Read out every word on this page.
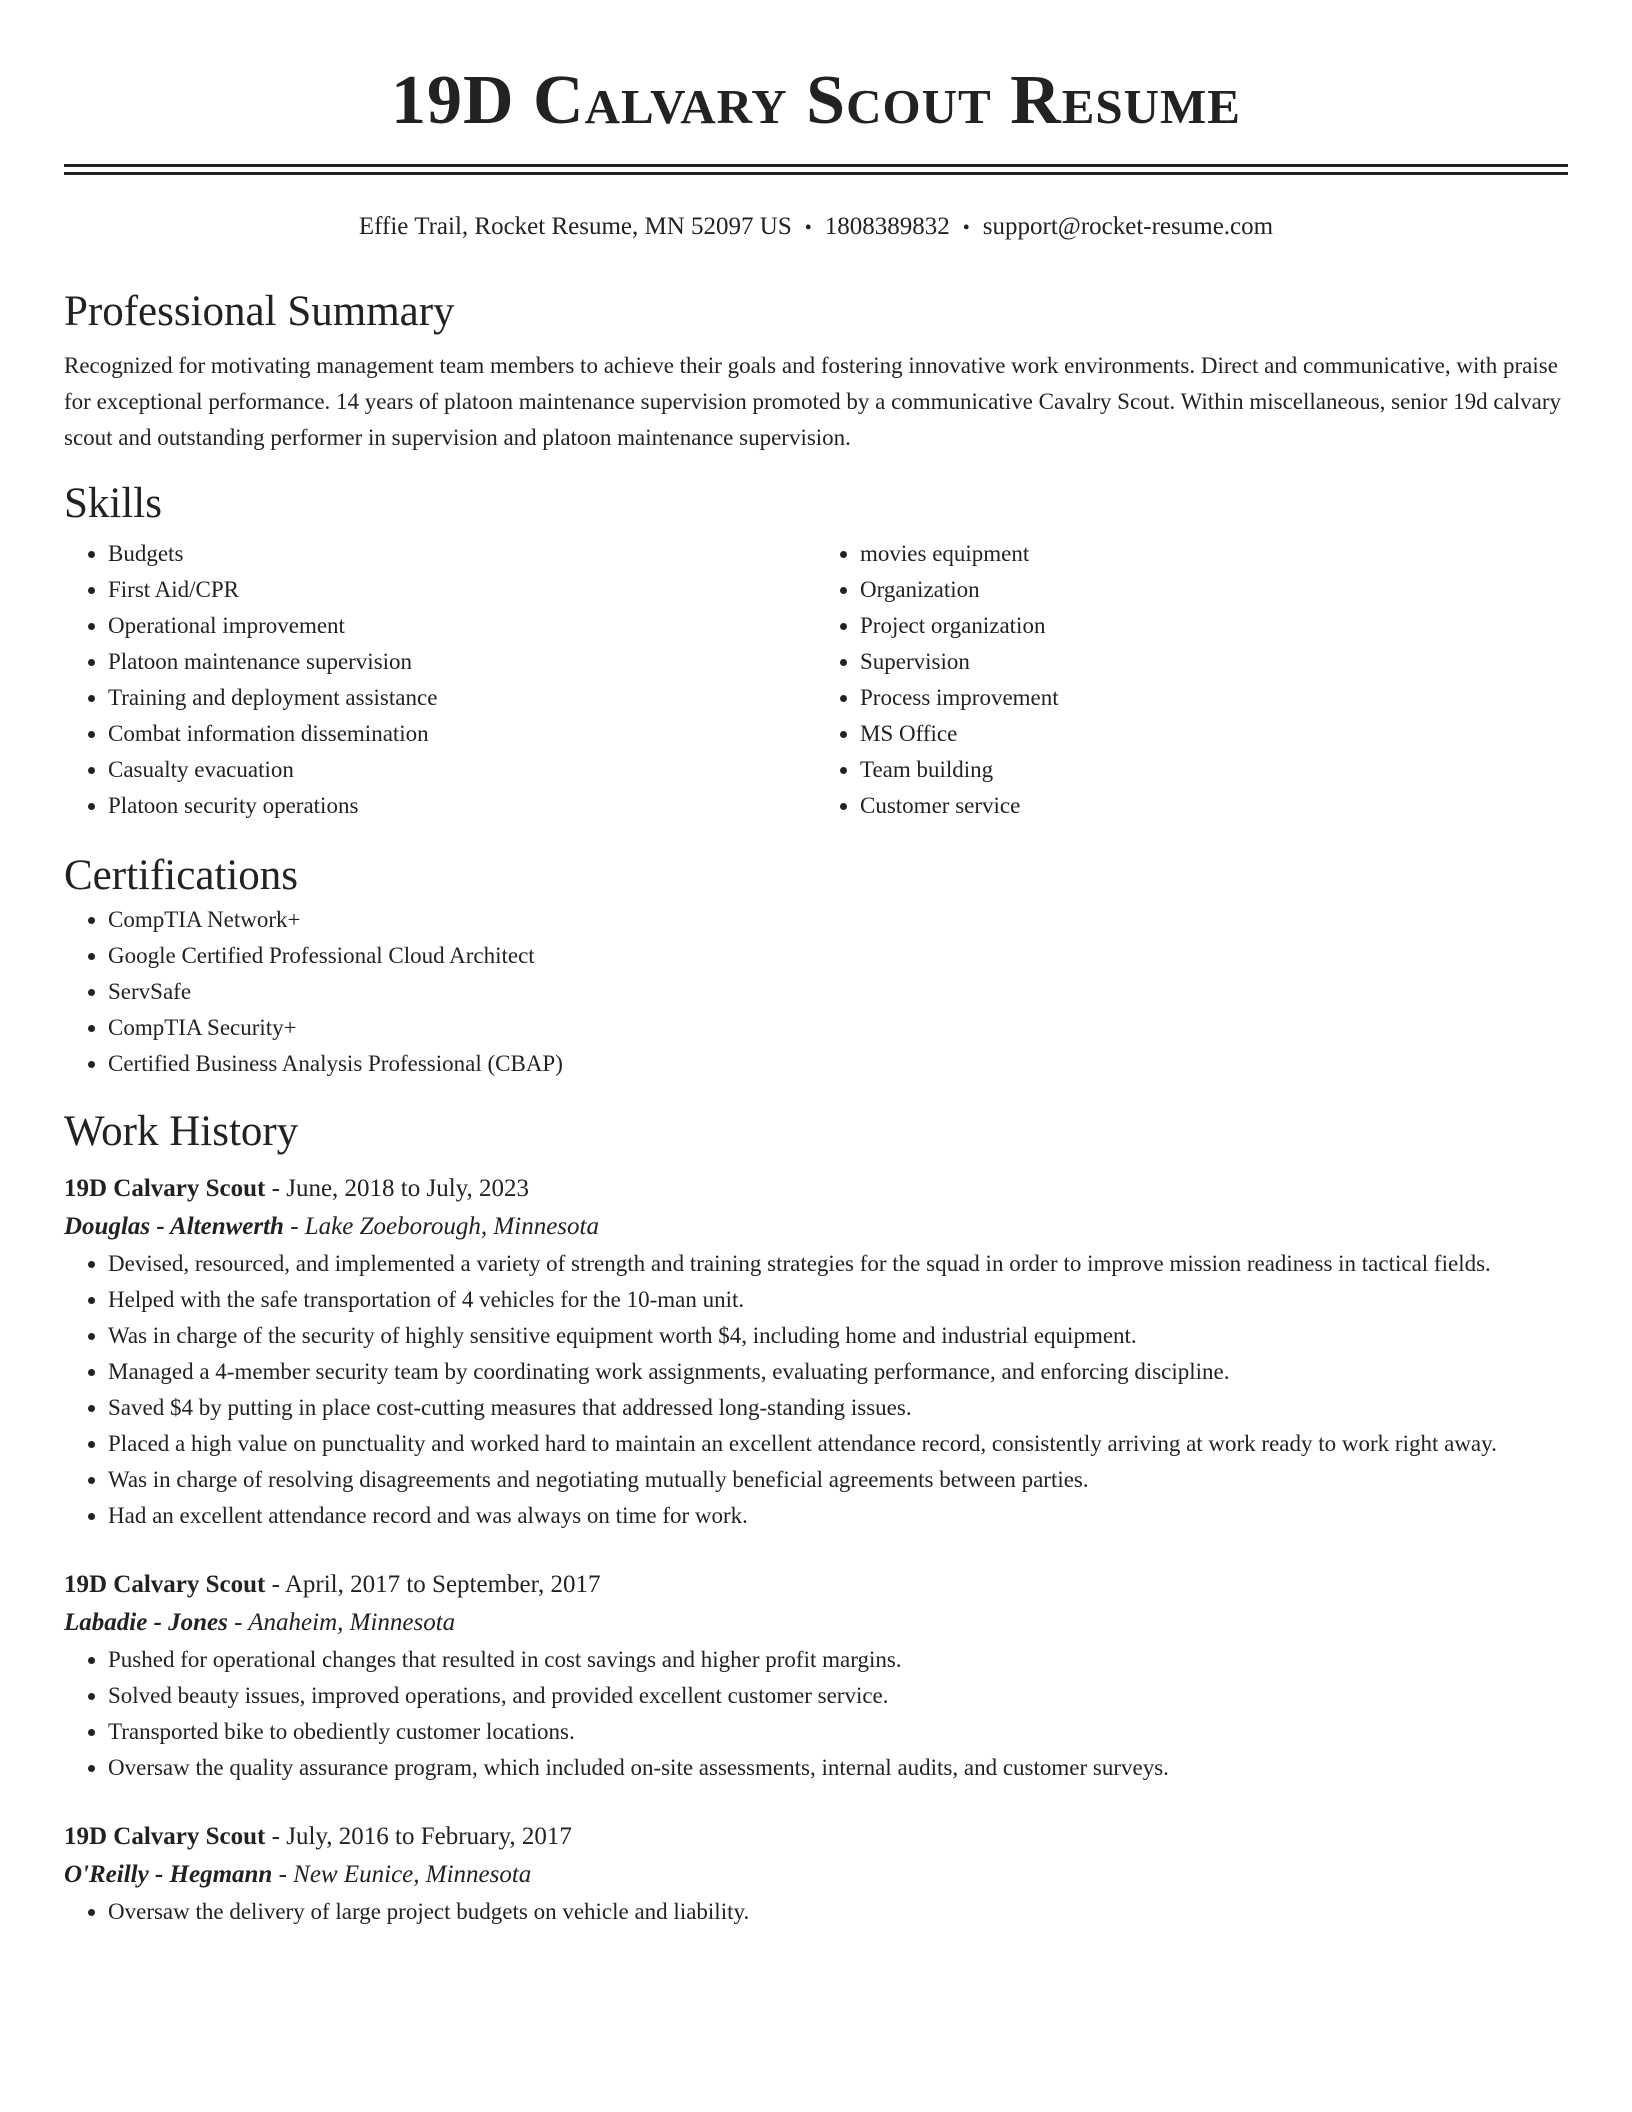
19D Calvary Scout Resume
Effie Trail, Rocket Resume, MN 52097 US • 1808389832 • support@rocket-resume.com
Professional Summary
Recognized for motivating management team members to achieve their goals and fostering innovative work environments. Direct and communicative, with praise for exceptional performance. 14 years of platoon maintenance supervision promoted by a communicative Cavalry Scout. Within miscellaneous, senior 19d calvary scout and outstanding performer in supervision and platoon maintenance supervision.
Skills
• Budgets
• First Aid/CPR
• Operational improvement
• Platoon maintenance supervision
• Training and deployment assistance
• Combat information dissemination
• Casualty evacuation
• Platoon security operations
• movies equipment
• Organization
• Project organization
• Supervision
• Process improvement
• MS Office
• Team building
• Customer service
Certifications
• CompTIA Network+
• Google Certified Professional Cloud Architect
• ServSafe
• CompTIA Security+
• Certified Business Analysis Professional (CBAP)
Work History
19D Calvary Scout - June, 2018 to July, 2023
Douglas - Altenwerth - Lake Zoeborough, Minnesota
• Devised, resourced, and implemented a variety of strength and training strategies for the squad in order to improve mission readiness in tactical fields.
• Helped with the safe transportation of 4 vehicles for the 10-man unit.
• Was in charge of the security of highly sensitive equipment worth $4, including home and industrial equipment.
• Managed a 4-member security team by coordinating work assignments, evaluating performance, and enforcing discipline.
• Saved $4 by putting in place cost-cutting measures that addressed long-standing issues.
• Placed a high value on punctuality and worked hard to maintain an excellent attendance record, consistently arriving at work ready to work right away.
• Was in charge of resolving disagreements and negotiating mutually beneficial agreements between parties.
• Had an excellent attendance record and was always on time for work.
19D Calvary Scout - April, 2017 to September, 2017
Labadie - Jones - Anaheim, Minnesota
• Pushed for operational changes that resulted in cost savings and higher profit margins.
• Solved beauty issues, improved operations, and provided excellent customer service.
• Transported bike to obediently customer locations.
• Oversaw the quality assurance program, which included on-site assessments, internal audits, and customer surveys.
19D Calvary Scout - July, 2016 to February, 2017
O'Reilly - Hegmann - New Eunice, Minnesota
• Oversaw the delivery of large project budgets on vehicle and liability.
